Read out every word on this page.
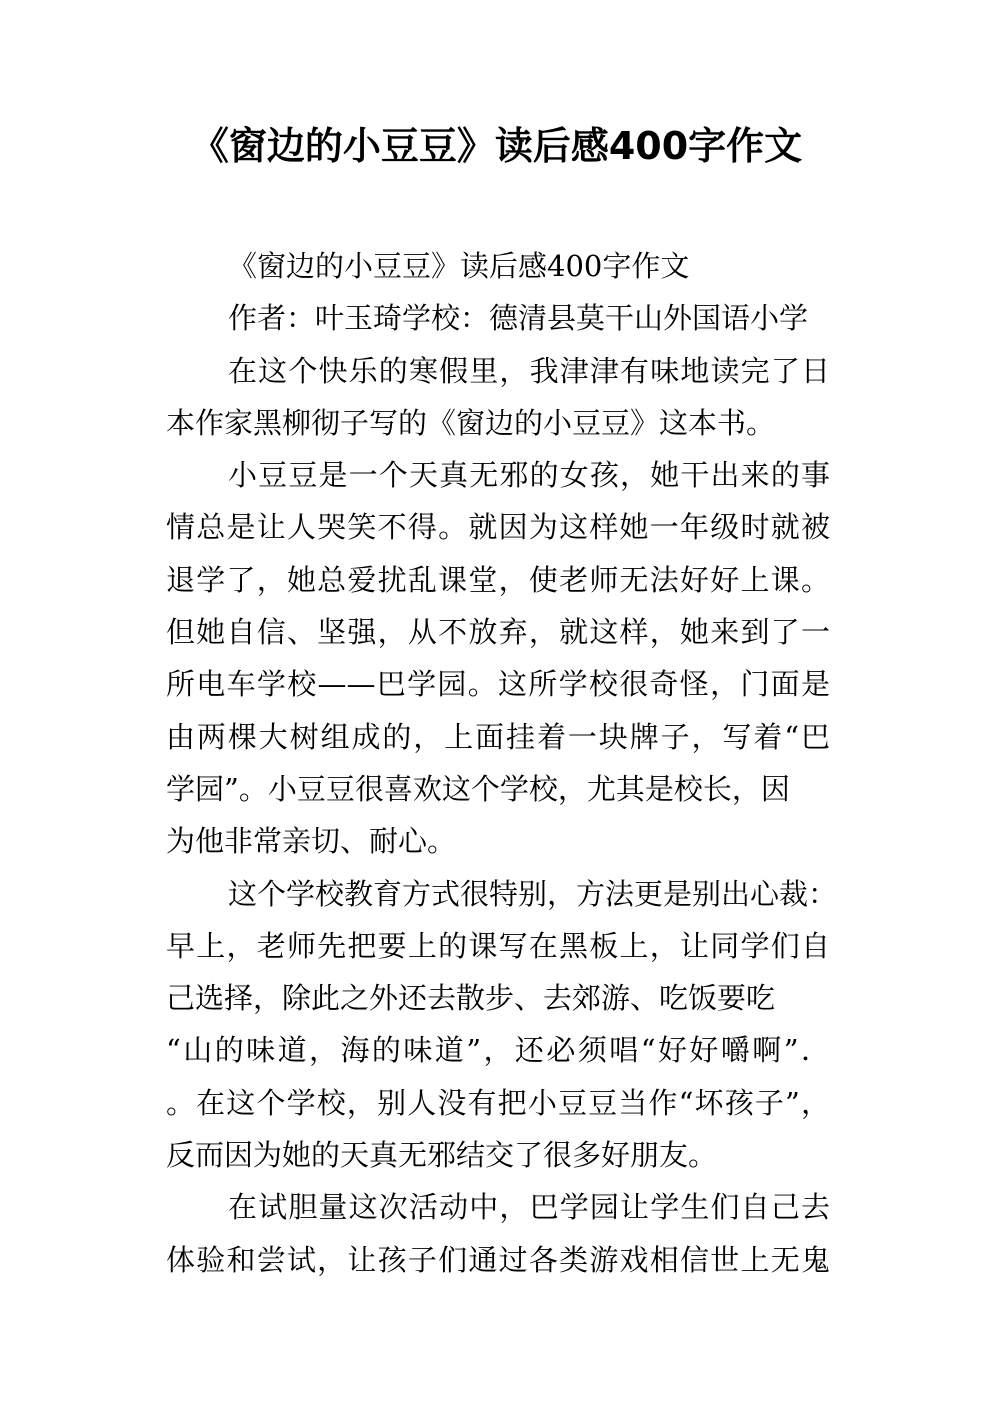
《窗边的小豆豆》读后感400字作文
《窗边的小豆豆》读后感400字作文
作者：叶玉琦学校：德清县莫干山外国语小学
在这个快乐的寒假里，我津津有味地读完了日
本作家黑柳彻子写的《窗边的小豆豆》这本书。
小豆豆是一个天真无邪的女孩，她干出来的事
情总是让人哭笑不得。就因为这样她一年级时就被
退学了，她总爱扰乱课堂，使老师无法好好上课。
但她自信、坚强，从不放弃，就这样，她来到了一
所电车学校——巴学园。这所学校很奇怪，门面是
由两棵大树组成的，上面挂着一块牌子，写着“巴
学园”。小豆豆很喜欢这个学校，尤其是校长，因
为他非常亲切、耐心。
这个学校教育方式很特别，方法更是别出心裁：
早上，老师先把要上的课写在黑板上，让同学们自
己选择，除此之外还去散步、去郊游、吃饭要吃
“山的味道，海的味道”，还必须唱“好好嚼啊”．
。在这个学校，别人没有把小豆豆当作“坏孩子”，
反而因为她的天真无邪结交了很多好朋友。
在试胆量这次活动中，巴学园让学生们自己去
体验和尝试，让孩子们通过各类游戏相信世上无鬼
